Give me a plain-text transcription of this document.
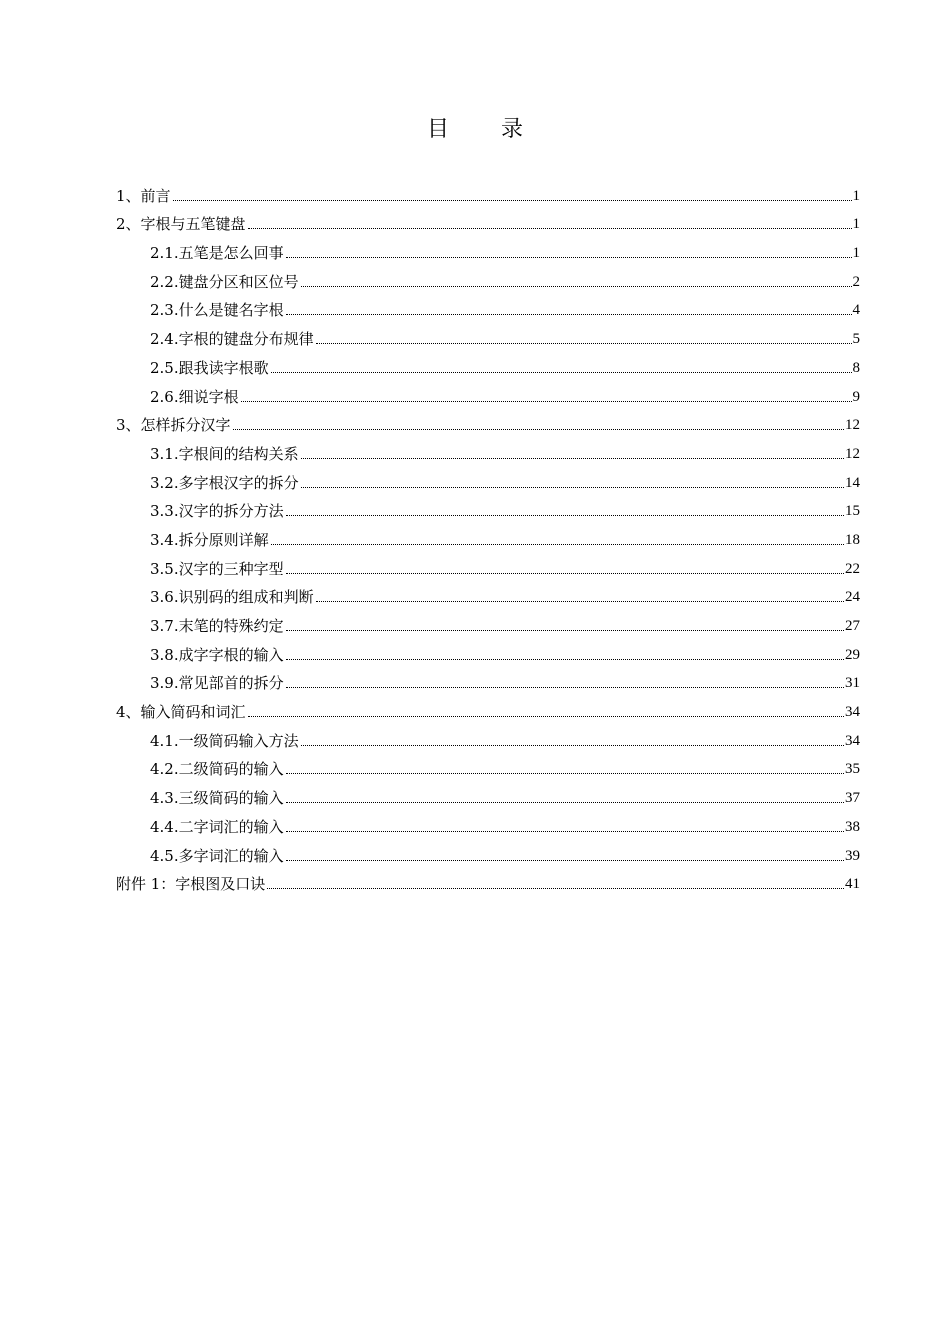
目 录
1、前言	1
2、字根与五笔键盘	1
2.1.五笔是怎么回事	1
2.2.键盘分区和区位号	2
2.3.什么是键名字根	4
2.4.字根的键盘分布规律	5
2.5.跟我读字根歌	8
2.6.细说字根	9
3、怎样拆分汉字	12
3.1.字根间的结构关系	12
3.2.多字根汉字的拆分	14
3.3.汉字的拆分方法	15
3.4.拆分原则详解	18
3.5.汉字的三种字型	22
3.6.识别码的组成和判断	24
3.7.末笔的特殊约定	27
3.8.成字字根的输入	29
3.9.常见部首的拆分	31
4、输入简码和词汇	34
4.1.一级简码输入方法	34
4.2.二级简码的输入	35
4.3.三级简码的输入	37
4.4.二字词汇的输入	38
4.5.多字词汇的输入	39
附件 1：字根图及口诀	41
